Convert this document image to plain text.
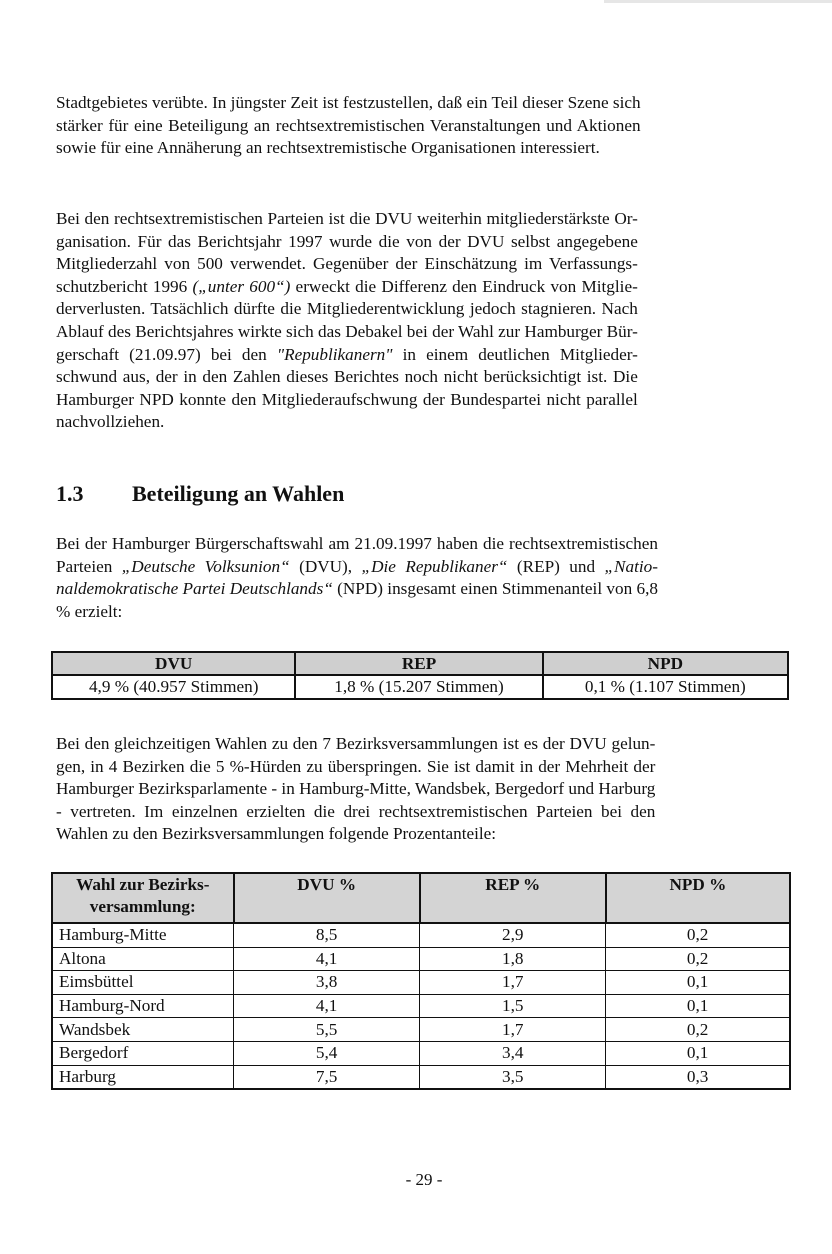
Stadtgebietes verübte. In jüngster Zeit ist festzustellen, daß ein Teil dieser Szene sich
stärker für eine Beteiligung an rechtsextremistischen Veranstaltungen und Aktionen
sowie für eine Annäherung an rechtsextremistische Organisationen interessiert.

Bei den rechtsextremistischen Parteien ist die DVU weiterhin mitgliederstärkste Or-
ganisation. Für das Berichtsjahr 1997 wurde die von der DVU selbst angegebene
Mitgliederzahl von 500 verwendet. Gegenüber der Einschätzung im Verfassungs-
schutzbericht 1996 („unter 600“) erweckt die Differenz den Eindruck von Mitglie-
derverlusten. Tatsächlich dürfte die Mitgliederentwicklung jedoch stagnieren. Nach
Ablauf des Berichtsjahres wirkte sich das Debakel bei der Wahl zur Hamburger Bür-
gerschaft (21.09.97) bei den "Republikanern" in einem deutlichen Mitglieder-
schwund aus, der in den Zahlen dieses Berichtes noch nicht berücksichtigt ist. Die
Hamburger NPD konnte den Mitgliederaufschwung der Bundespartei nicht parallel
nachvollziehen.

1.3 Beteiligung an Wahlen

Bei der Hamburger Bürgerschaftswahl am 21.09.1997 haben die rechtsextremistischen
Parteien „Deutsche Volksunion“ (DVU), „Die Republikaner“ (REP) und „Natio-
naldemokratische Partei Deutschlands“ (NPD) insgesamt einen Stimmenanteil von 6,8
% erzielt:

DVU	REP	NPD
4,9 % (40.957 Stimmen)	1,8 % (15.207 Stimmen)	0,1 % (1.107 Stimmen)

Bei den gleichzeitigen Wahlen zu den 7 Bezirksversammlungen ist es der DVU gelun-
gen, in 4 Bezirken die 5 %-Hürden zu überspringen. Sie ist damit in der Mehrheit der
Hamburger Bezirksparlamente - in Hamburg-Mitte, Wandsbek, Bergedorf und Harburg
- vertreten. Im einzelnen erzielten die drei rechtsextremistischen Parteien bei den
Wahlen zu den Bezirksversammlungen folgende Prozentanteile:

Wahl zur Bezirks-
versammlung:	DVU %	REP %	NPD %
Hamburg-Mitte	8,5	2,9	0,2
Altona	4,1	1,8	0,2
Eimsbüttel	3,8	1,7	0,1
Hamburg-Nord	4,1	1,5	0,1
Wandsbek	5,5	1,7	0,2
Bergedorf	5,4	3,4	0,1
Harburg	7,5	3,5	0,3
- 29 -
